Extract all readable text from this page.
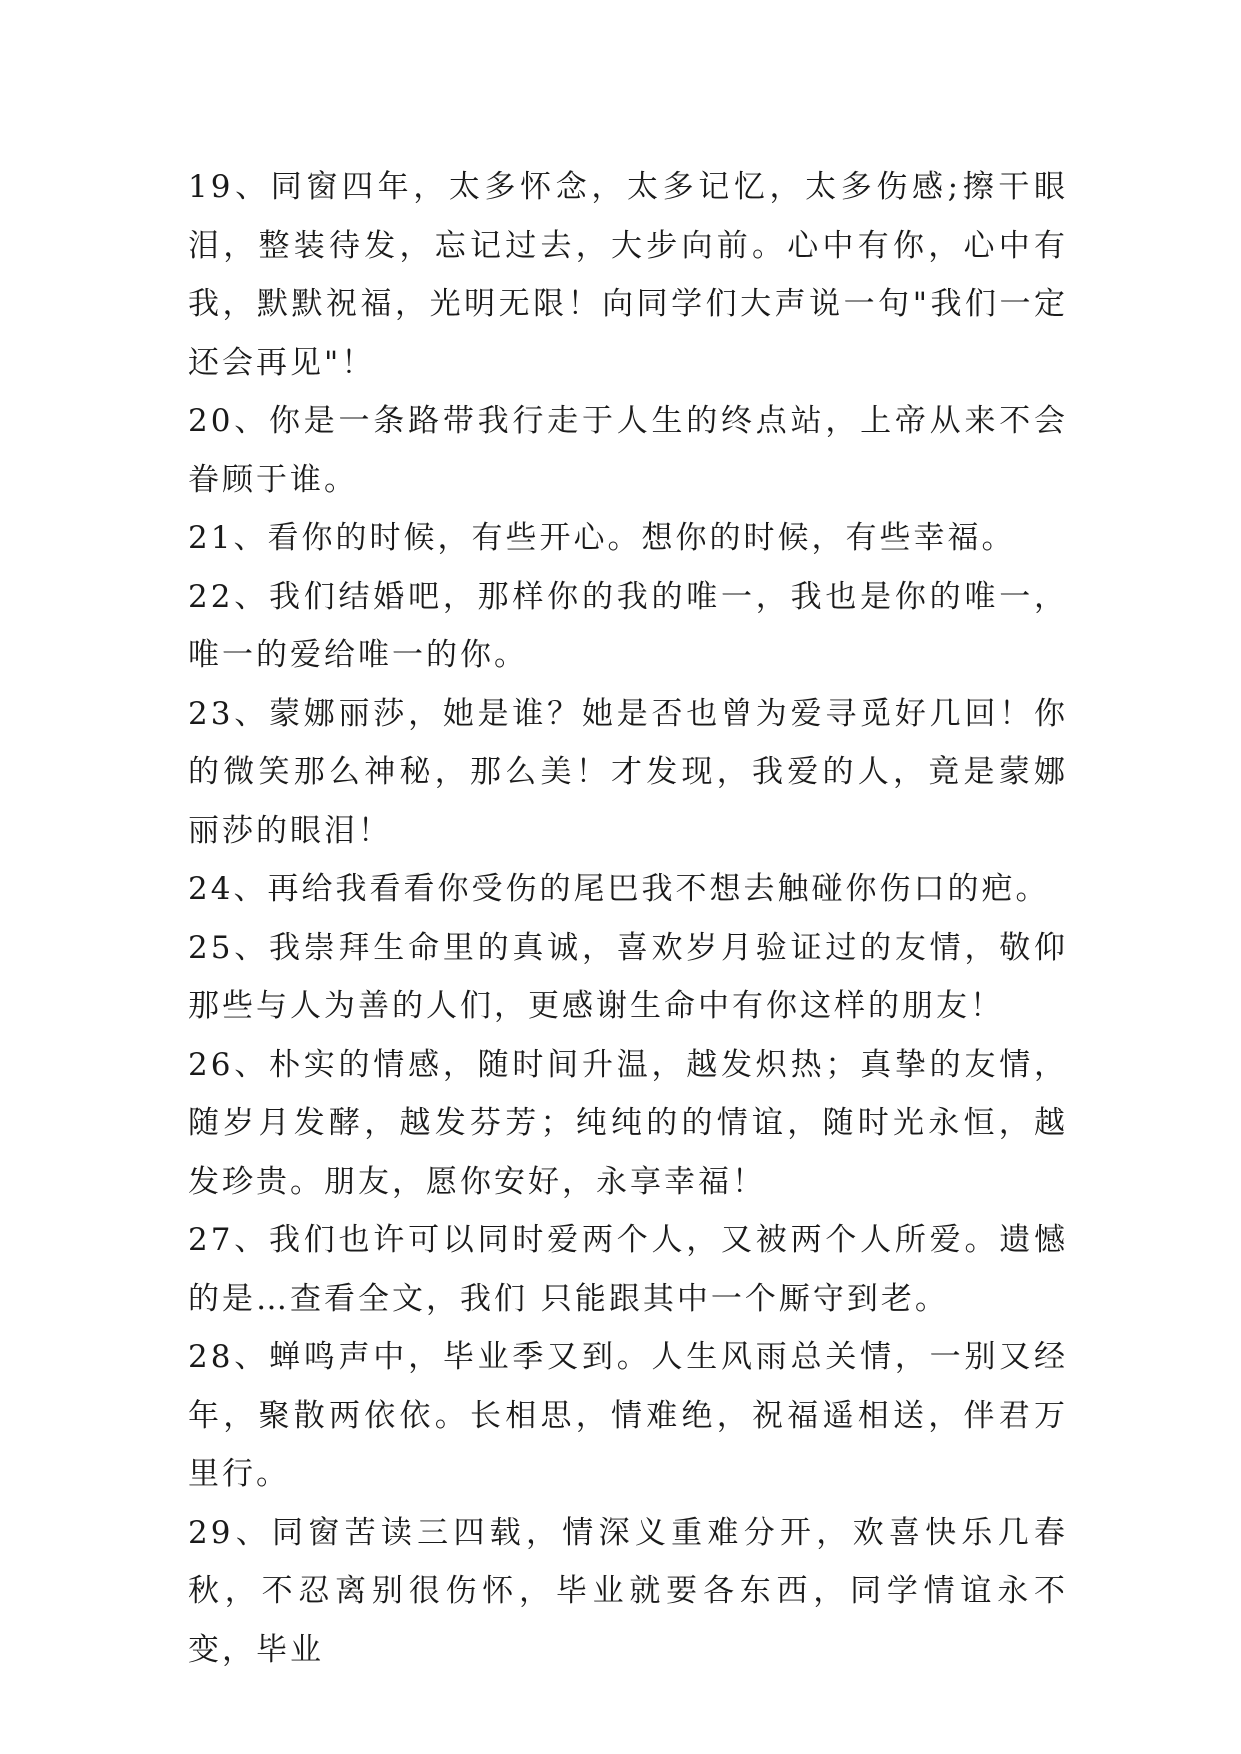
19、同窗四年，太多怀念，太多记忆，太多伤感;擦干眼泪，整装待发，忘记过去，大步向前。心中有你，心中有我，默默祝福，光明无限！向同学们大声说一句"我们一定还会再见"！

20、你是一条路带我行走于人生的终点站，上帝从来不会眷顾于谁。

21、看你的时候，有些开心。想你的时候，有些幸福。

22、我们结婚吧，那样你的我的唯一，我也是你的唯一，唯一的爱给唯一的你。

23、蒙娜丽莎，她是谁？她是否也曾为爱寻觅好几回！你的微笑那么神秘，那么美！才发现，我爱的人，竟是蒙娜丽莎的眼泪！

24、再给我看看你受伤的尾巴我不想去触碰你伤口的疤。

25、我崇拜生命里的真诚，喜欢岁月验证过的友情，敬仰那些与人为善的人们，更感谢生命中有你这样的朋友！

26、朴实的情感，随时间升温，越发炽热；真挚的友情，随岁月发酵，越发芬芳；纯纯的的情谊，随时光永恒，越发珍贵。朋友，愿你安好，永享幸福！

27、我们也许可以同时爱两个人，又被两个人所爱。遗憾的是…查看全文，我们 只能跟其中一个厮守到老。

28、蝉鸣声中，毕业季又到。人生风雨总关情，一别又经年，聚散两依依。长相思，情难绝，祝福遥相送，伴君万里行。

29、同窗苦读三四载，情深义重难分开，欢喜快乐几春秋，不忍离别很伤怀，毕业就要各东西，同学情谊永不变，毕业
